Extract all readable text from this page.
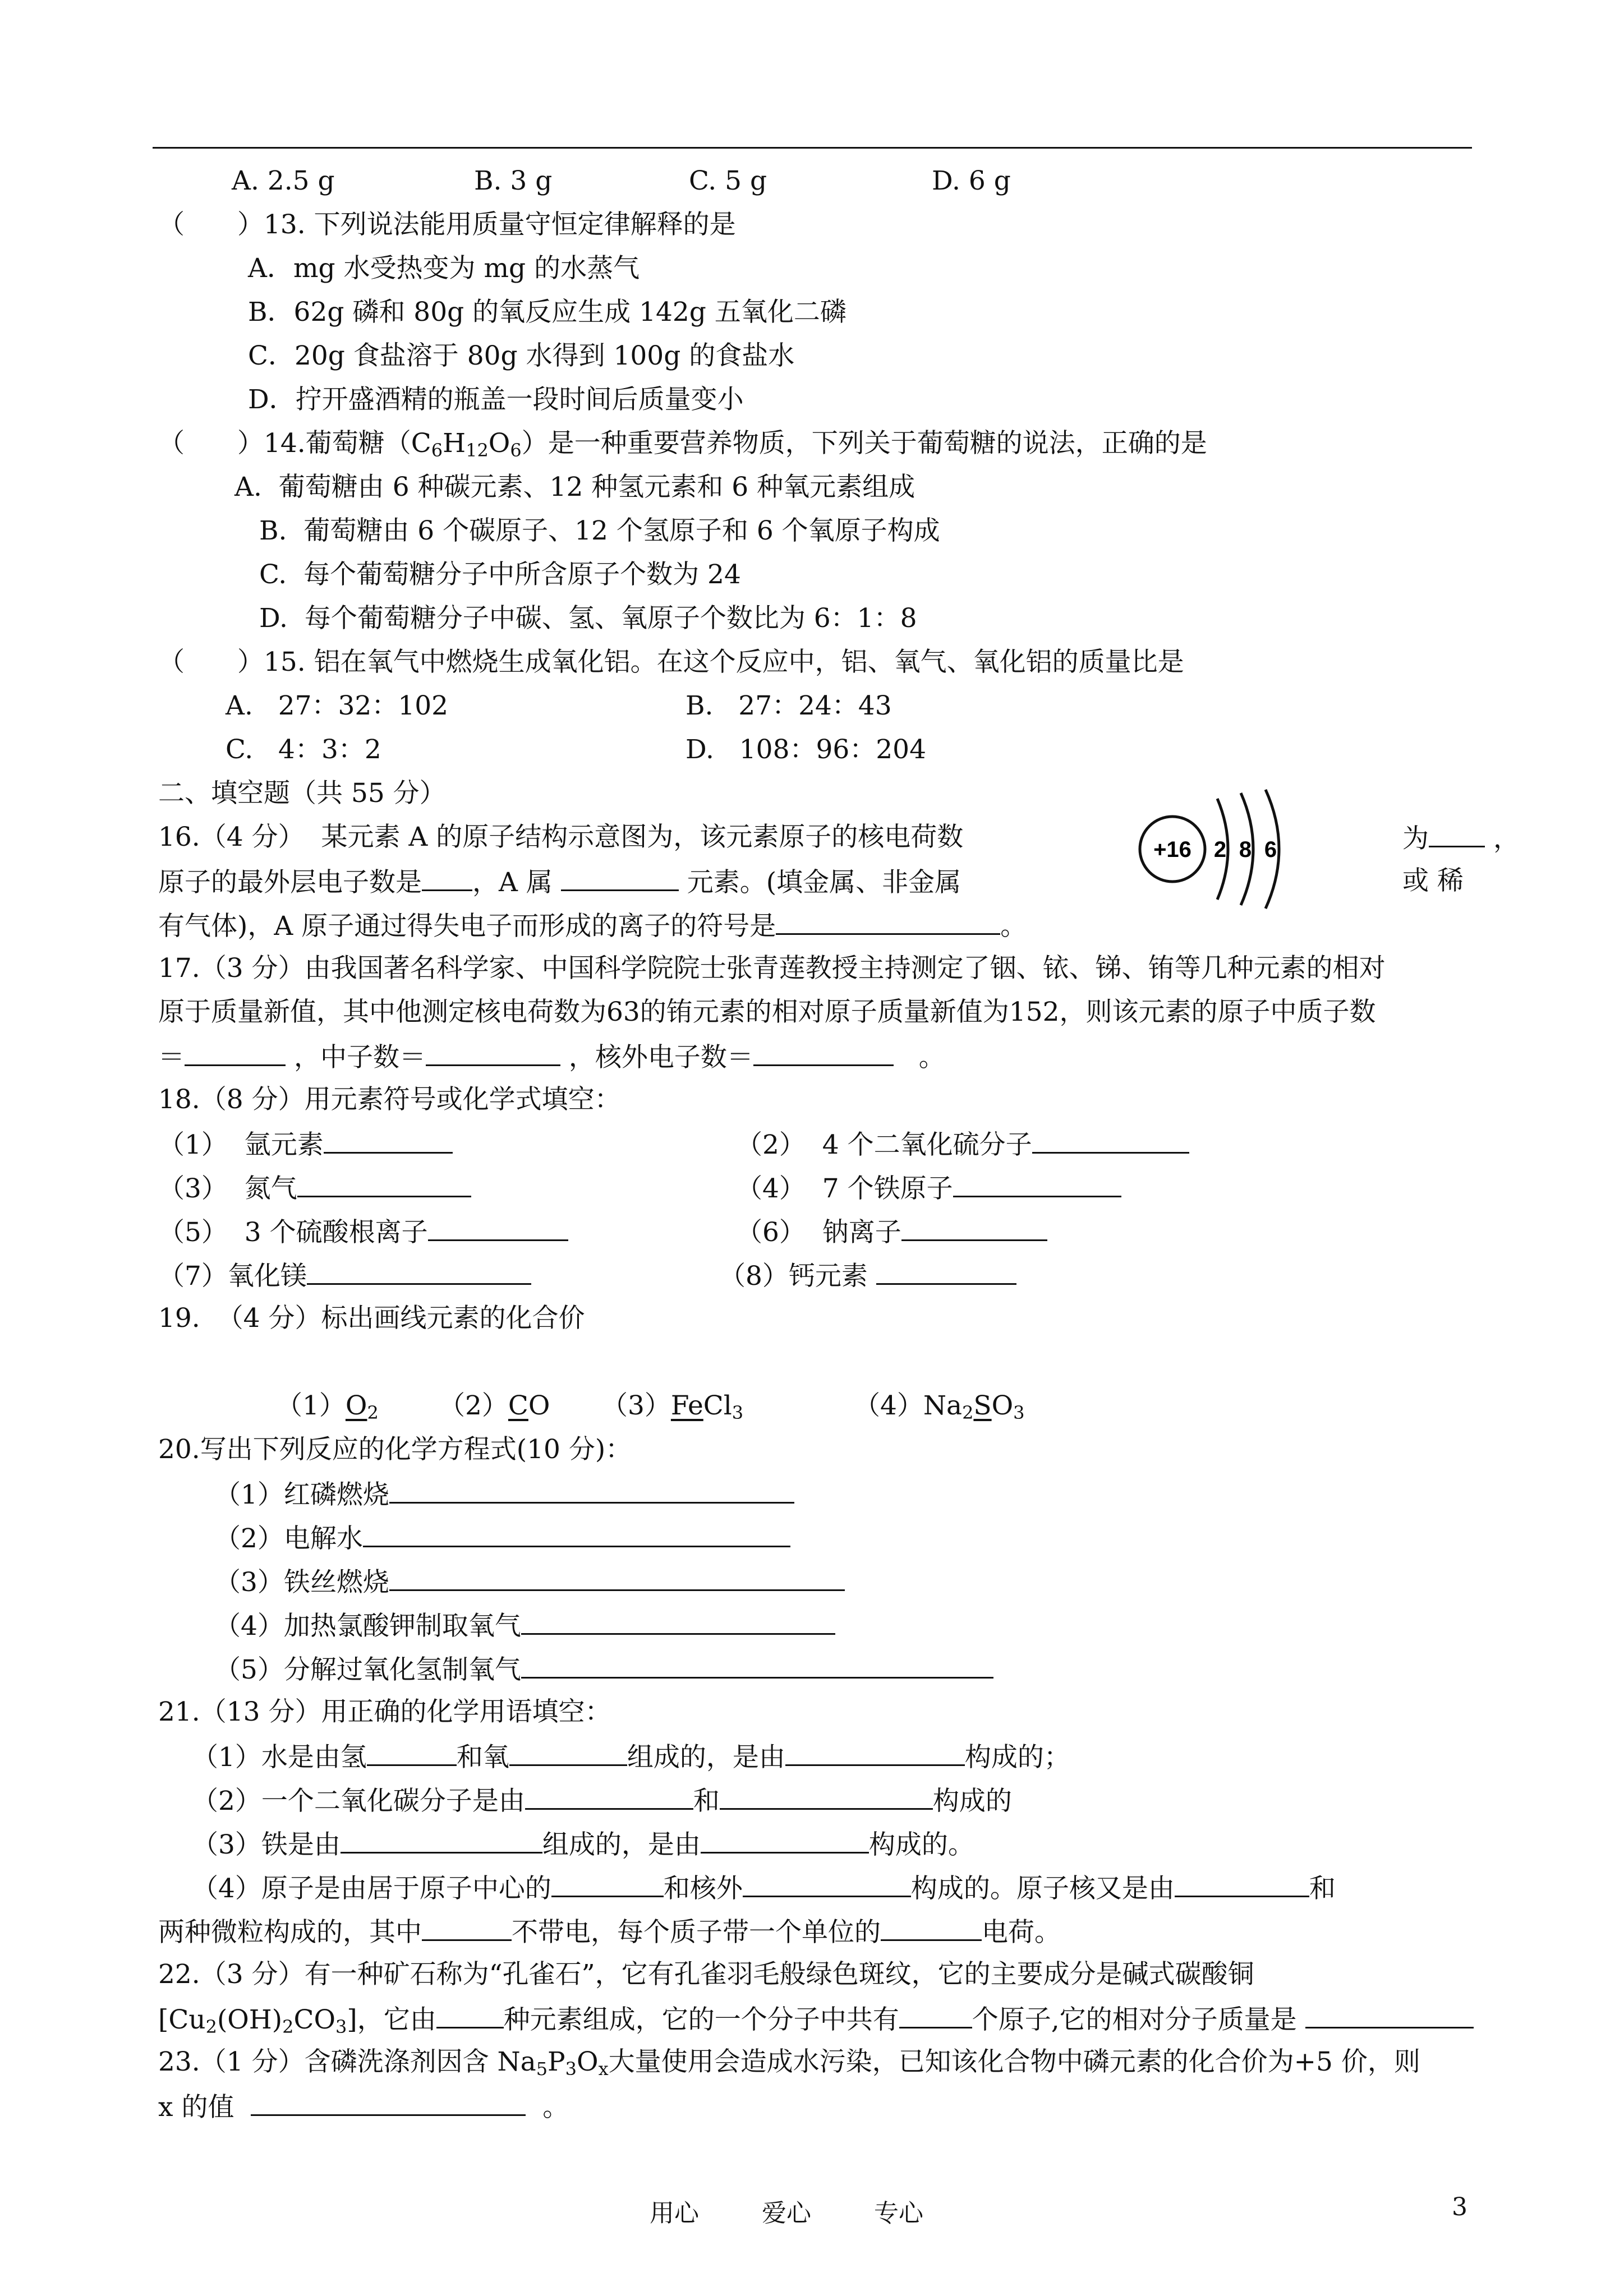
A. 2.5 g	B. 3 g	C. 5 g	D. 6 g
（　　）13. 下列说法能用质量守恒定律解释的是
A．mg 水受热变为 mg 的水蒸气
B．62g 磷和 80g 的氧反应生成 142g 五氧化二磷
C．20g 食盐溶于 80g 水得到 100g 的食盐水
D．拧开盛酒精的瓶盖一段时间后质量变小
（　　）14.葡萄糖$(C_6H_{12}O_6)$是一种重要营养物质，下列关于葡萄糖的说法，正确的是
A.  葡萄糖由 6 种碳元素、12 种氢元素和 6 种氧元素组成
B.  葡萄糖由 6 个碳原子、12 个氢原子和 6 个氧原子构成
C.  每个葡萄糖分子中所含原子个数为 24
D.  每个葡萄糖分子中碳、氢、氧原子个数比为 6：1：8
（　　）15. 铝在氧气中燃烧生成氧化铝。在这个反应中，铝、氧气、氧化铝的质量比是
A.   27：32：102	B.   27：24：43
C.   4：3：2	D.   108：96：204
二、填空题（共 55 分）
16.（4 分）  某元素 A 的原子结构示意图为，该元素原子的核电荷数	为 ，
原子的最外层电子数是 ，A 属	元素。(填金属、非金属	或 稀
有气体)，A 原子通过得失电子而形成的离子的符号是	。
+16 2 8 6
17.（3 分）由我国著名科学家、中国科学院院士张青莲教授主持测定了铟、铱、锑、铕等几种元素的相对
原于质量新值，其中他测定核电荷数为63的铕元素的相对原子质量新值为152，则该元素的原子中质子数
＝	，中子数＝	，核外电子数＝	。
18.（8 分）用元素符号或化学式填空：
（1）  氩元素	（2）  4 个二氧化硫分子
（3）  氮气	（4）  7 个铁原子
（5）  3 个硫酸根离子	（6）  钠离子
（7）氧化镁	（8）钙元素
19.  （4 分）标出画线元素的化合价
$(1)O_2$ （2）CO （3）FeCl$_3$	$(4)Na_2SO_3$
20.写出下列反应的化学方程式(10 分)：
（1）红磷燃烧
（2）电解水
（3）铁丝燃烧
（4）加热氯酸钾制取氧气
（5）分解过氧化氢制氧气
21.（13 分）用正确的化学用语填空：
（1）水是由氢	和氧	组成的，是由	构成的；
（2）一个二氧化碳分子是由	和	构成的
（3）铁是由	组成的，是由	构成的。
（4）原子是由居于原子中心的	和核外	构成的。原子核又是由	和
两种微粒构成的，其中	不带电，每个质子带一个单位的	电荷。
22.（3 分）有一种矿石称为“孔雀石”，它有孔雀羽毛般绿色斑纹，它的主要成分是碱式碳酸铜
$[Cu_2(OH)_2CO_3]$，它由	种元素组成，它的一个分子中共有	个原子,它的相对分子质量是
23.（1 分）含磷洗涤剂因含 $Na_5P_3O_x$大量使用会造成水污染，已知该化合物中磷元素的化合价为+5 价，则
x 的值	。
用心	爱心	专心	3
